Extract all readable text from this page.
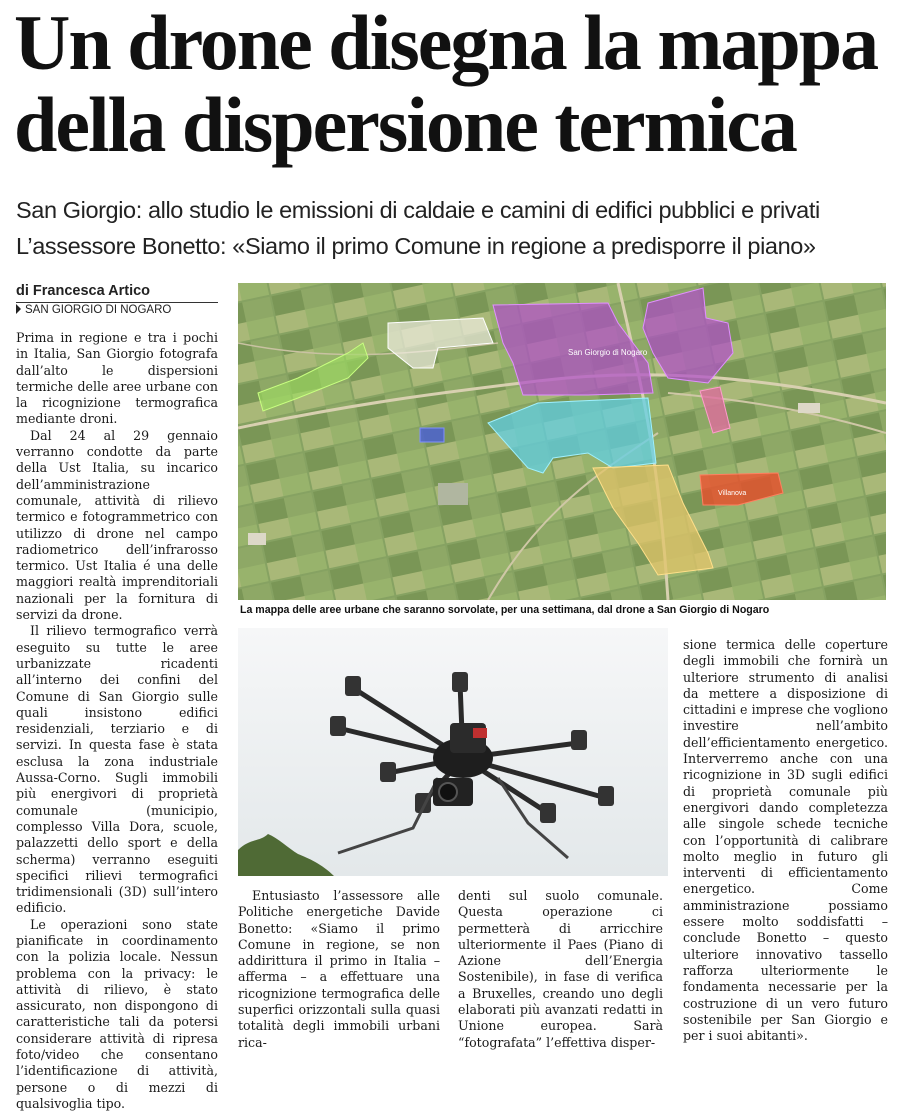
Un drone disegna la mappa
della dispersione termica
San Giorgio: allo studio le emissioni di caldaie e camini di edifici pubblici e privati
L’assessore Bonetto: «Siamo il primo Comune in regione a predisporre il piano»
di Francesca Artico
SAN GIORGIO DI NOGARO

Prima in regione e tra i pochi in Italia, San Giorgio fotografa dall’alto le dispersioni termiche delle aree urbane con la ricognizione termografica mediante droni.

Dal 24 al 29 gennaio verranno condotte da parte della Ust Italia, su incarico dell’amministrazione comunale, attività di rilievo termico e fotogrammetrico con utilizzo di drone nel campo radiometrico dell’infrarosso termico. Ust Italia é una delle maggiori realtà imprenditoriali nazionali per la fornitura di servizi da drone.

Il rilievo termografico verrà eseguito su tutte le aree urbanizzate ricadenti all’interno dei confini del Comune di San Giorgio sulle quali insistono edifici residenziali, terziario e di servizi. In questa fase è stata esclusa la zona industriale Aussa-Corno. Sugli immobili più energivori di proprietà comunale (municipio, complesso Villa Dora, scuole, palazzetti dello sport e della scherma) verranno eseguiti specifici rilievi termografici tridimensionali (3D) sull’intero edificio.

Le operazioni sono state pianificate in coordinamento con la polizia locale. Nessun problema con la privacy: le attività di rilievo, è stato assicurato, non dispongono di caratteristiche tali da potersi considerare attività di ripresa foto/video che consentano l’identificazione di attività, persone o di mezzi di qualsivoglia tipo.

San Giorgio di Nogaro
Villanova
La mappa delle aree urbane che saranno sorvolate, per una settimana, dal drone a San Giorgio di Nogaro

Entusiasto l’assessore alle Politiche energetiche Davide Bonetto: «Siamo il primo Comune in regione, se non addirittura il primo in Italia – afferma – a effettuare una ricognizione termografica delle superfici orizzontali sulla quasi totalità degli immobili urbani rica-

denti sul suolo comunale. Questa operazione ci permetterà di arricchire ulteriormente il Paes (Piano di Azione dell’Energia Sostenibile), in fase di verifica a Bruxelles, creando uno degli elaborati più avanzati redatti in Unione europea. Sarà “fotografata” l’effettiva disper-

sione termica delle coperture degli immobili che fornirà un ulteriore strumento di analisi da mettere a disposizione di cittadini e imprese che vogliono investire nell’ambito dell’efficientamento energetico. Interverremo anche con una ricognizione in 3D sugli edifici di proprietà comunale più energivori dando completezza alle singole schede tecniche con l’opportunità di calibrare molto meglio in futuro gli interventi di efficientamento energetico. Come amministrazione possiamo essere molto soddisfatti – conclude Bonetto – questo ulteriore innovativo tassello rafforza ulteriormente le fondamenta necessarie per la costruzione di un vero futuro sostenibile per San Giorgio e per i suoi abitanti».
